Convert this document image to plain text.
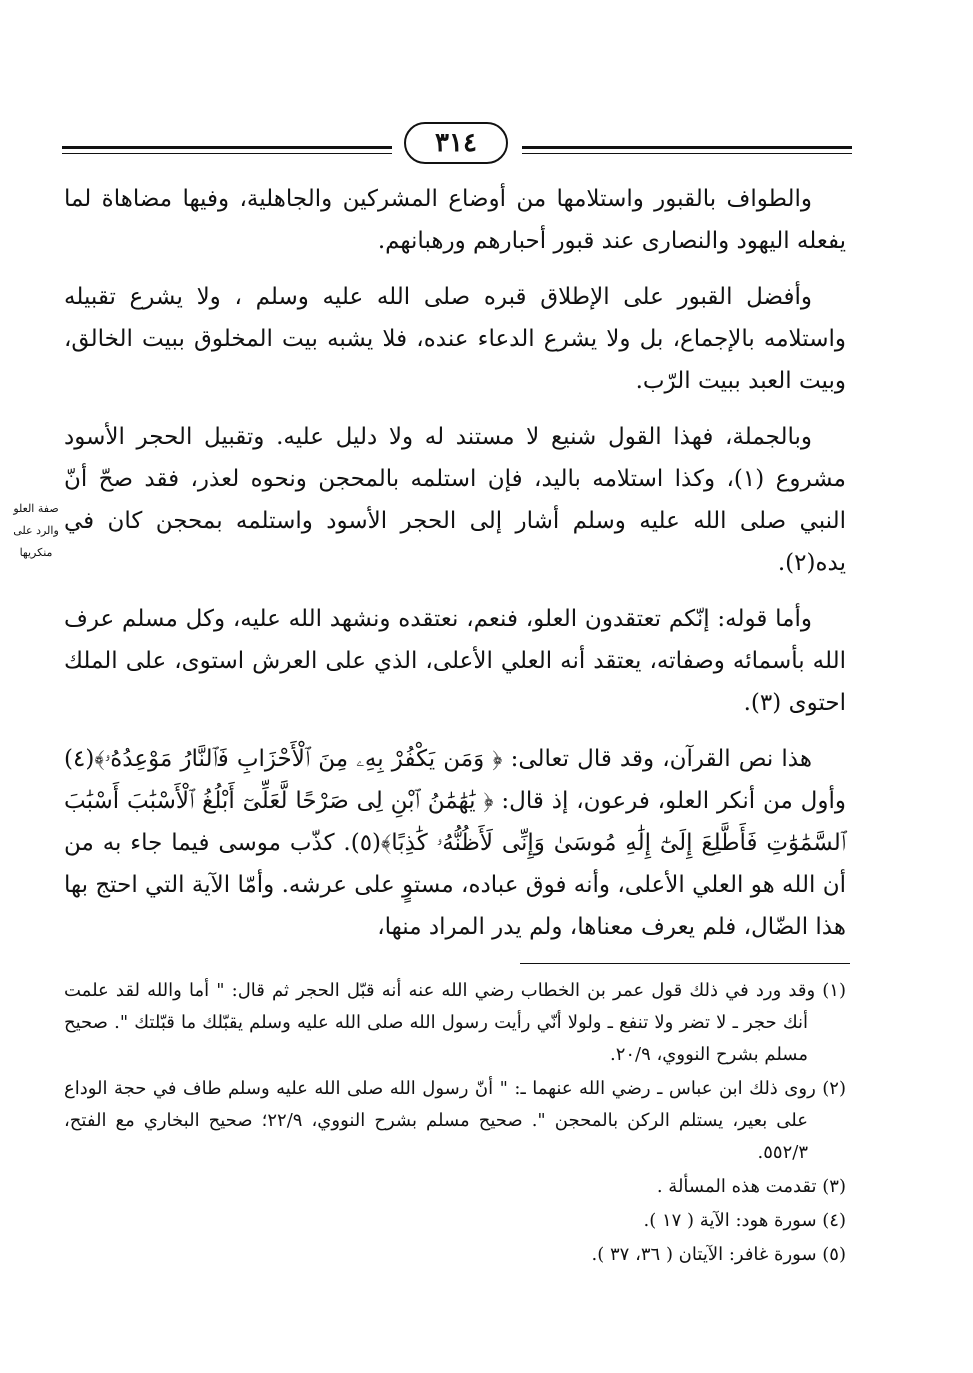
٣١٤
صفة العلو والرد على منكريها

والطواف بالقبور واستلامها من أوضاع المشركين والجاهلية، وفيها مضاهاة لما يفعله اليهود والنصارى عند قبور أحبارهم ورهبانهم.

وأفضل القبور على الإطلاق قبره صلى الله عليه وسلم ، ولا يشرع تقبيله واستلامه بالإجماع، بل ولا يشرع الدعاء عنده، فلا يشبه بيت المخلوق ببيت الخالق، وبيت العبد ببيت الرّب.

وبالجملة، فهذا القول شنيع لا مستند له ولا دليل عليه. وتقبيل الحجر الأسود مشروع (١)، وكذا استلامه باليد، فإن استلمه بالمحجن ونحوه لعذر، فقد صحّ أنّ النبي صلى الله عليه وسلم أشار إلى الحجر الأسود واستلمه بمحجن كان في يده(٢).

وأما قوله: إنّكم تعتقدون العلو، فنعم، نعتقده ونشهد الله عليه، وكل مسلم عرف الله بأسمائه وصفاته، يعتقد أنه العلي الأعلى، الذي على العرش استوى، على الملك احتوى (٣).

هذا نص القرآن، وقد قال تعالى: ﴿ وَمَن يَكْفُرْ بِهِۦ مِنَ ٱلْأَحْزَابِ فَٱلنَّارُ مَوْعِدُهُۥ﴾(٤) وأول من أنكر العلو، فرعون، إذ قال: ﴿ يَٰهَٰمَٰنُ ٱبْنِ لِى صَرْحًا لَّعَلِّىٓ أَبْلُغُ ٱلْأَسْبَٰبَ أَسْبَٰبَ ٱلسَّمَٰوَٰتِ فَأَطَّلِعَ إِلَىٰٓ إِلَٰهِ مُوسَىٰ وَإِنِّى لَأَظُنُّهُۥ كَٰذِبًا﴾(٥). كذّب موسى فيما جاء به من أن الله هو العلي الأعلى، وأنه فوق عباده، مستوٍ على عرشه. وأمّا الآية التي احتج بها هذا الضّال، فلم يعرف معناها، ولم يدر المراد منها،

(١) وقد ورد في ذلك قول عمر بن الخطاب رضي الله عنه أنه قبّل الحجر ثم قال: " أما والله لقد علمت أنك حجر ـ لا تضر ولا تنفع ـ ولولا أنّي رأيت رسول الله صلى الله عليه وسلم يقبّلك ما قبّلتك ". صحيح مسلم بشرح النووي، ٢٠/٩.

(٢) روى ذلك ابن عباس ـ رضي الله عنهما ـ: " أنّ رسول الله صلى الله عليه وسلم طاف في حجة الوداع على بعير، يستلم الركن بالمحجن ". صحيح مسلم بشرح النووي، ٢٢/٩؛ صحيح البخاري مع الفتح، ٥٥٢/٣.

(٣) تقدمت هذه المسألة .

(٤) سورة هود: الآية ( ١٧ ).

(٥) سورة غافر: الآيتان ( ٣٦، ٣٧ ).
